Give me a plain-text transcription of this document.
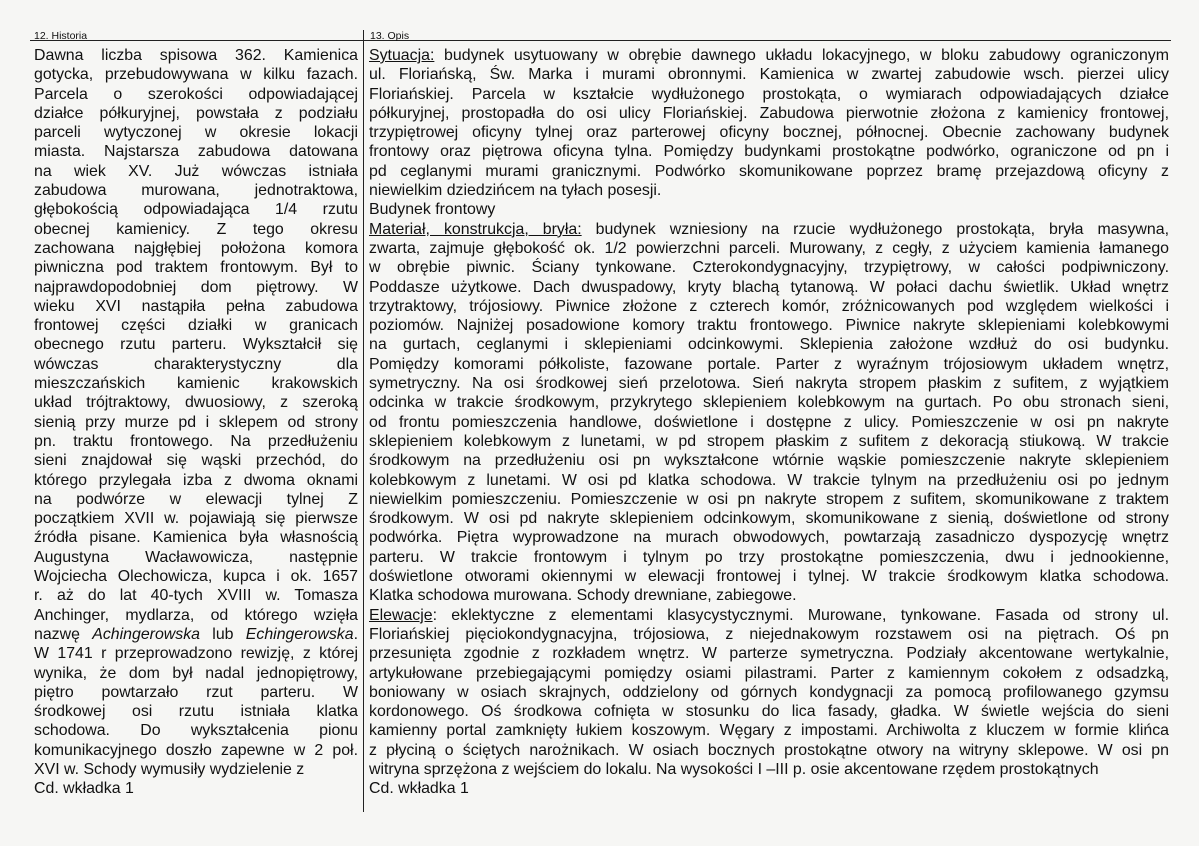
12. Historia	13. Opis
Dawna liczba spisowa 362. Kamienica
gotycka, przebudowywana w kilku fazach.
Parcela o szerokości odpowiadającej
działce półkuryjnej, powstała z podziału
parceli wytyczonej w okresie lokacji
miasta. Najstarsza zabudowa datowana
na wiek XV. Już wówczas istniała
zabudowa murowana, jednotraktowa,
głębokością odpowiadająca 1/4 rzutu
obecnej kamienicy. Z tego okresu
zachowana najgłębiej położona komora
piwniczna pod traktem frontowym. Był to
najprawdopodobniej dom piętrowy. W
wieku XVI nastąpiła pełna zabudowa
frontowej części działki w granicach
obecnego rzutu parteru. Wykształcił się
wówczas charakterystyczny dla
mieszczańskich kamienic krakowskich
układ trójtraktowy, dwuosiowy, z szeroką
sienią przy murze pd i sklepem od strony
pn. traktu frontowego. Na przedłużeniu
sieni znajdował się wąski przechód, do
którego przylegała izba z dwoma oknami
na podwórze w elewacji tylnej Z
początkiem XVII w. pojawiają się pierwsze
źródła pisane. Kamienica była własnością
Augustyna Wacławowicza, następnie
Wojciecha Olechowicza, kupca i ok. 1657
r. aż do lat 40-tych XVIII w. Tomasza
Anchinger, mydlarza, od którego wzięła
nazwę Achingerowska lub Echingerowska.
W 1741 r przeprowadzono rewizję, z której
wynika, że dom był nadal jednopiętrowy,
piętro powtarzało rzut parteru. W
środkowej osi rzutu istniała klatka
schodowa. Do wykształcenia pionu
komunikacyjnego doszło zapewne w 2 poł.
XVI w. Schody wymusiły wydzielenie z
Cd. wkładka 1
Sytuacja: budynek usytuowany w obrębie dawnego układu lokacyjnego, w bloku zabudowy ograniczonym
ul. Floriańską, Św. Marka i murami obronnymi. Kamienica w zwartej zabudowie wsch. pierzei ulicy
Floriańskiej. Parcela w kształcie wydłużonego prostokąta, o wymiarach odpowiadających działce
półkuryjnej, prostopadła do osi ulicy Floriańskiej. Zabudowa pierwotnie złożona z kamienicy frontowej,
trzypiętrowej oficyny tylnej oraz parterowej oficyny bocznej, północnej. Obecnie zachowany budynek
frontowy oraz piętrowa oficyna tylna. Pomiędzy budynkami prostokątne podwórko, ograniczone od pn i
pd ceglanymi murami granicznymi. Podwórko skomunikowane poprzez bramę przejazdową oficyny z
niewielkim dziedzińcem na tyłach posesji.
Budynek frontowy
Materiał, konstrukcja, bryła: budynek wzniesiony na rzucie wydłużonego prostokąta, bryła masywna,
zwarta, zajmuje głębokość ok. 1/2 powierzchni parceli. Murowany, z cegły, z użyciem kamienia łamanego
w obrębie piwnic. Ściany tynkowane. Czterokondygnacyjny, trzypiętrowy, w całości podpiwniczony.
Poddasze użytkowe. Dach dwuspadowy, kryty blachą tytanową. W połaci dachu świetlik. Układ wnętrz
trzytraktowy, trójosiowy. Piwnice złożone z czterech komór, zróżnicowanych pod względem wielkości i
poziomów. Najniżej posadowione komory traktu frontowego. Piwnice nakryte sklepieniami kolebkowymi
na gurtach, ceglanymi i sklepieniami odcinkowymi. Sklepienia założone wzdłuż do osi budynku.
Pomiędzy komorami półkoliste, fazowane portale. Parter z wyraźnym trójosiowym układem wnętrz,
symetryczny. Na osi środkowej sień przelotowa. Sień nakryta stropem płaskim z sufitem, z wyjątkiem
odcinka w trakcie środkowym, przykrytego sklepieniem kolebkowym na gurtach. Po obu stronach sieni,
od frontu pomieszczenia handlowe, doświetlone i dostępne z ulicy. Pomieszczenie w osi pn nakryte
sklepieniem kolebkowym z lunetami, w pd stropem płaskim z sufitem z dekoracją stiukową. W trakcie
środkowym na przedłużeniu osi pn wykształcone wtórnie wąskie pomieszczenie nakryte sklepieniem
kolebkowym z lunetami. W osi pd klatka schodowa. W trakcie tylnym na przedłużeniu osi po jednym
niewielkim pomieszczeniu. Pomieszczenie w osi pn nakryte stropem z sufitem, skomunikowane z traktem
środkowym. W osi pd nakryte sklepieniem odcinkowym, skomunikowane z sienią, doświetlone od strony
podwórka. Piętra wyprowadzone na murach obwodowych, powtarzają zasadniczo dyspozycję wnętrz
parteru. W trakcie frontowym i tylnym po trzy prostokątne pomieszczenia, dwu i jednookienne,
doświetlone otworami okiennymi w elewacji frontowej i tylnej. W trakcie środkowym klatka schodowa.
Klatka schodowa murowana. Schody drewniane, zabiegowe.
Elewacje: eklektyczne z elementami klasycystycznymi. Murowane, tynkowane. Fasada od strony ul.
Floriańskiej pięciokondygnacyjna, trójosiowa, z niejednakowym rozstawem osi na piętrach. Oś pn
przesunięta zgodnie z rozkładem wnętrz. W parterze symetryczna. Podziały akcentowane wertykalnie,
artykułowane przebiegającymi pomiędzy osiami pilastrami. Parter z kamiennym cokołem z odsadzką,
boniowany w osiach skrajnych, oddzielony od górnych kondygnacji za pomocą profilowanego gzymsu
kordonowego. Oś środkowa cofnięta w stosunku do lica fasady, gładka. W świetle wejścia do sieni
kamienny portal zamknięty łukiem koszowym. Węgary z impostami. Archiwolta z kluczem w formie klińca
z płyciną o ściętych narożnikach. W osiach bocznych prostokątne otwory na witryny sklepowe. W osi pn
witryna sprzężona z wejściem do lokalu. Na wysokości I –III p. osie akcentowane rzędem prostokątnych
Cd. wkładka 1
